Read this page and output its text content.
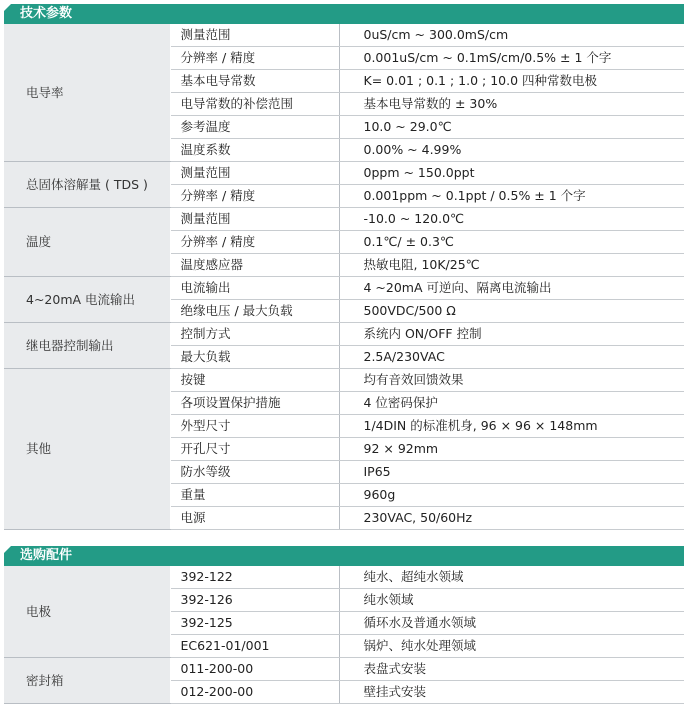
技术参数
电导率	测量范围	0uS/cm ~ 300.0mS/cm
	分辨率 / 精度	0.001uS/cm ~ 0.1mS/cm/0.5% ± 1 个字
	基本电导常数	K= 0.01 ; 0.1 ; 1.0 ; 10.0 四种常数电极
	电导常数的补偿范围	基本电导常数的 ± 30%
	参考温度	10.0 ~ 29.0℃
	温度系数	0.00% ~ 4.99%
总固体溶解量 ( TDS )	测量范围	0ppm ~ 150.0ppt
	分辨率 / 精度	0.001ppm ~ 0.1ppt / 0.5% ± 1 个字
温度	测量范围	-10.0 ~ 120.0℃
	分辨率 / 精度	0.1℃/ ± 0.3℃
	温度感应器	热敏电阻, 10K/25℃
4~20mA 电流输出	电流输出	4 ~20mA 可逆向、隔离电流输出
	绝缘电压 / 最大负载	500VDC/500 Ω
继电器控制输出	控制方式	系统内 ON/OFF 控制
	最大负载	2.5A/230VAC
其他	按键	均有音效回馈效果
	各项设置保护措施	4 位密码保护
	外型尺寸	1/4DIN 的标准机身, 96 × 96 × 148mm
	开孔尺寸	92 × 92mm
	防水等级	IP65
	重量	960g
	电源	230VAC, 50/60Hz
选购配件
电极	392-122	纯水、超纯水领域
	392-126	纯水领域
	392-125	循环水及普通水领域
	EC621-01/001	锅炉、纯水处理领域
密封箱	011-200-00	表盘式安装
	012-200-00	壁挂式安装
